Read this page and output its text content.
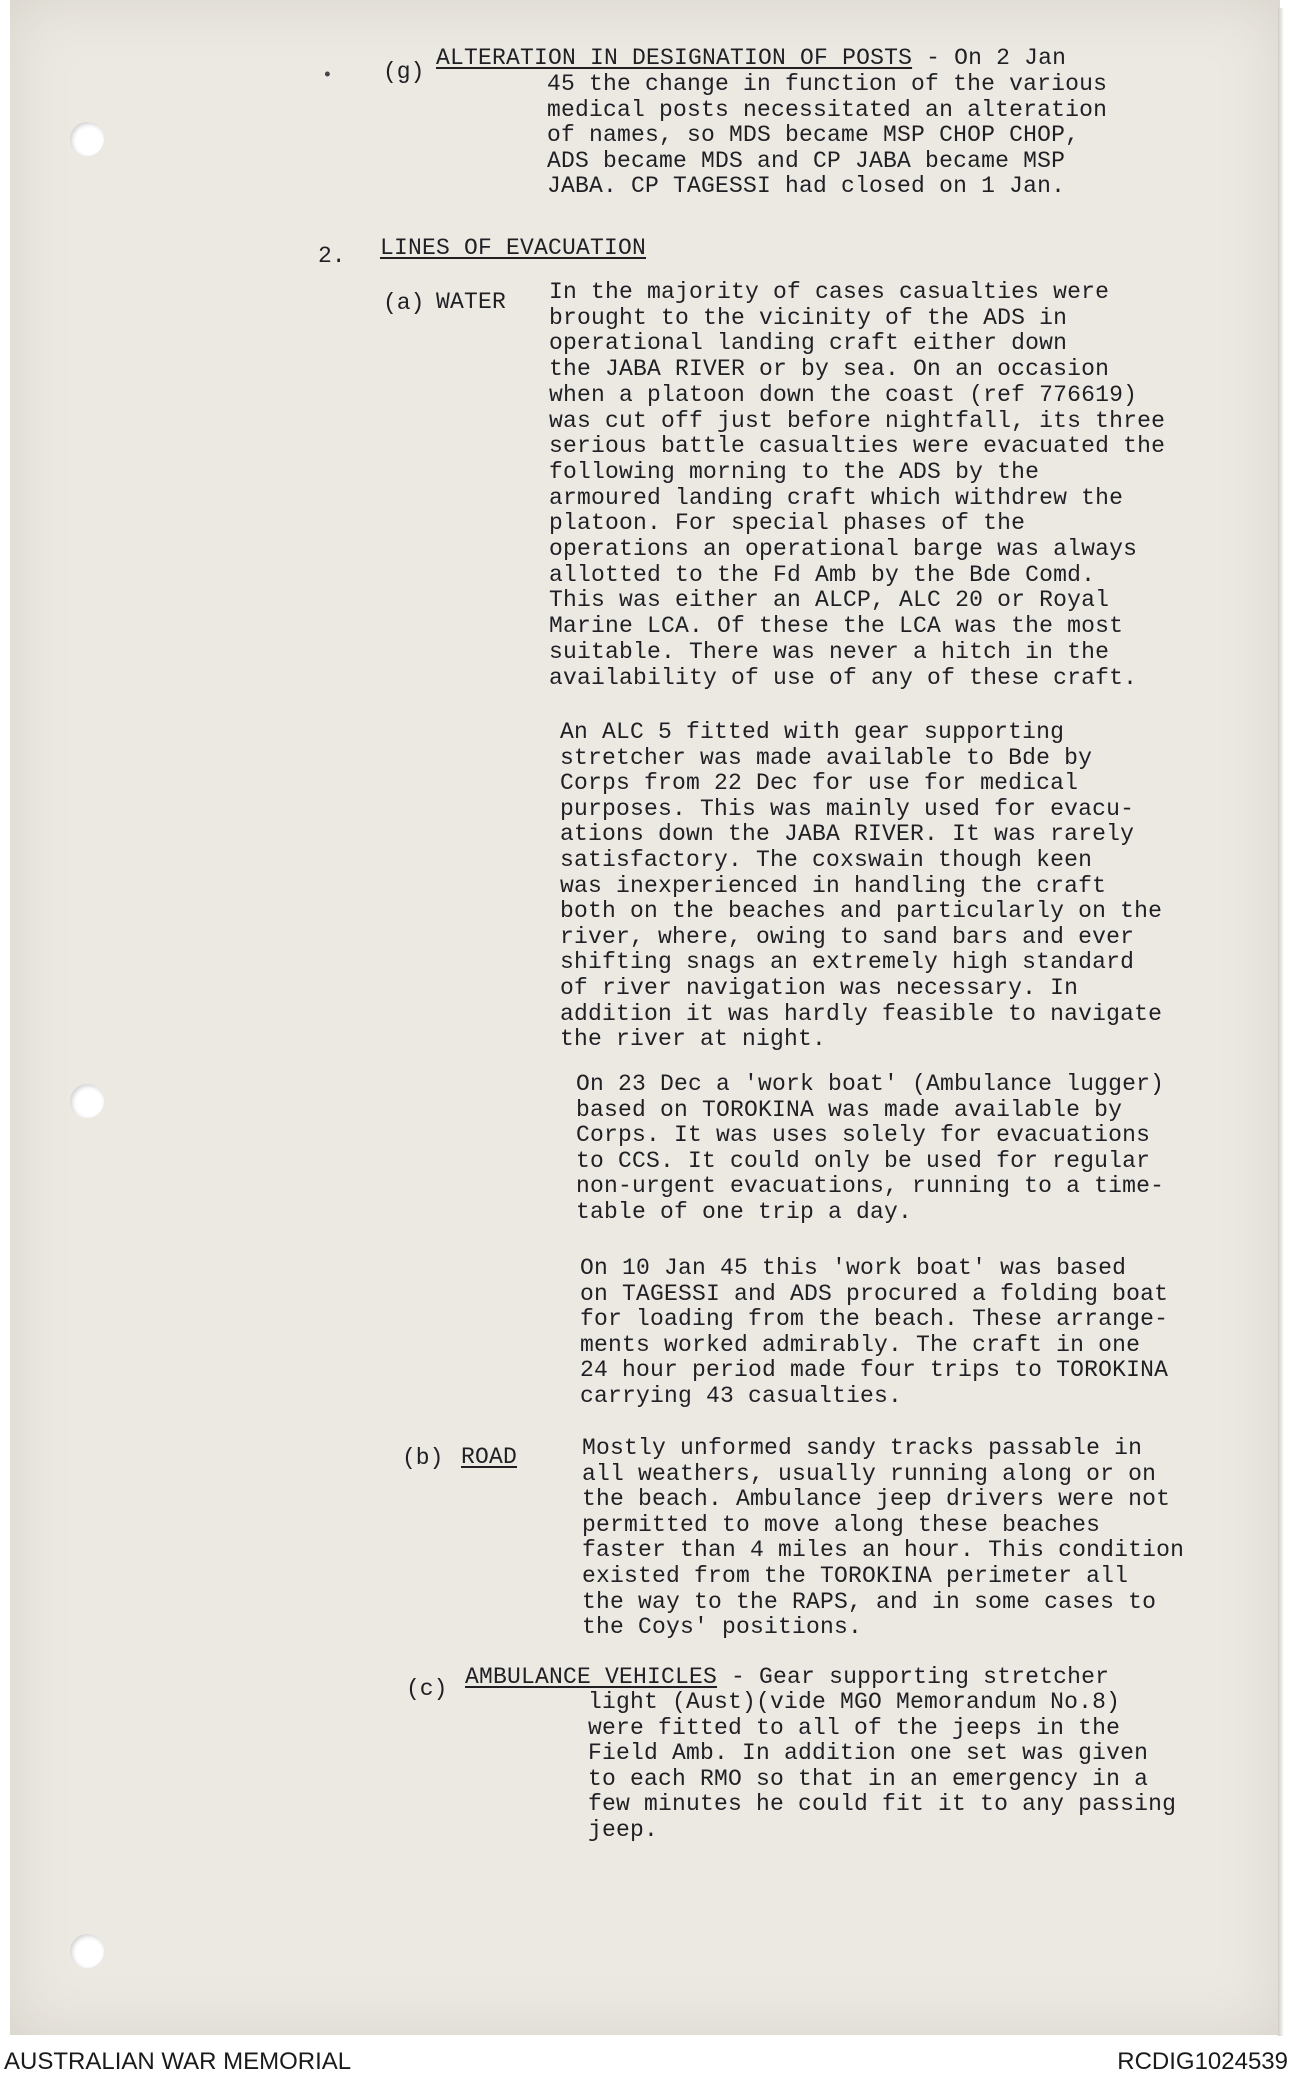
• (g)
ALTERATION IN DESIGNATION OF POSTS - On 2 Jan
45 the change in function of the various
medical posts necessitated an alteration
of names, so MDS became MSP CHOP CHOP,
ADS became MDS and CP JABA became MSP
JABA. CP TAGESSI had closed on 1 Jan.
2. LINES OF EVACUATION
(a) WATER In the majority of cases casualties were
brought to the vicinity of the ADS in
operational landing craft either down
the JABA RIVER or by sea. On an occasion
when a platoon down the coast (ref 776619)
was cut off just before nightfall, its three
serious battle casualties were evacuated the
following morning to the ADS by the
armoured landing craft which withdrew the
platoon. For special phases of the
operations an operational barge was always
allotted to the Fd Amb by the Bde Comd.
This was either an ALCP, ALC 20 or Royal
Marine LCA. Of these the LCA was the most
suitable. There was never a hitch in the
availability of use of any of these craft.
An ALC 5 fitted with gear supporting
stretcher was made available to Bde by
Corps from 22 Dec for use for medical
purposes. This was mainly used for evacu-
ations down the JABA RIVER. It was rarely
satisfactory. The coxswain though keen
was inexperienced in handling the craft
both on the beaches and particularly on the
river, where, owing to sand bars and ever
shifting snags an extremely high standard
of river navigation was necessary. In
addition it was hardly feasible to navigate
the river at night.
On 23 Dec a 'work boat' (Ambulance lugger)
based on TOROKINA was made available by
Corps. It was uses solely for evacuations
to CCS. It could only be used for regular
non-urgent evacuations, running to a time-
table of one trip a day.
On 10 Jan 45 this 'work boat' was based
on TAGESSI and ADS procured a folding boat
for loading from the beach. These arrange-
ments worked admirably. The craft in one
24 hour period made four trips to TOROKINA
carrying 43 casualties.
(b) ROAD	Mostly unformed sandy tracks passable in
all weathers, usually running along or on
the beach. Ambulance jeep drivers were not
permitted to move along these beaches
faster than 4 miles an hour. This condition
existed from the TOROKINA perimeter all
the way to the RAPS, and in some cases to
the Coys' positions.
(c) AMBULANCE VEHICLES - Gear supporting stretcher
light (Aust)(vide MGO Memorandum No.8)
were fitted to all of the jeeps in the
Field Amb. In addition one set was given
to each RMO so that in an emergency in a
few minutes he could fit it to any passing
jeep.
AUSTRALIAN WAR MEMORIAL	RCDIG1024539
